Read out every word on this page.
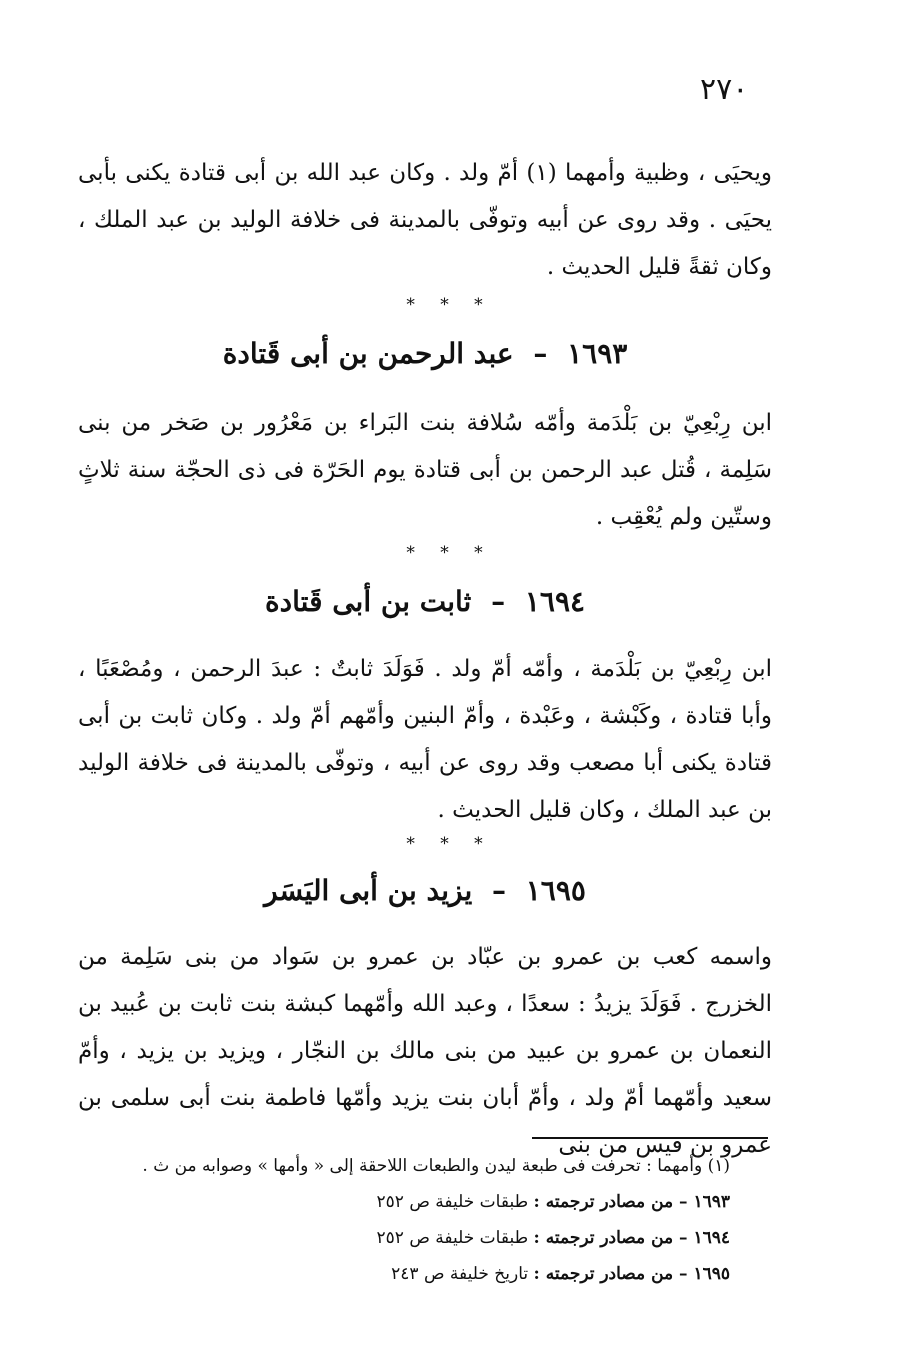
٢٧٠

ويحيَى ، وظبية وأمهما (١) أمّ ولد . وكان عبد الله بن أبى قتادة يكنى بأبى يحيَى . وقد روى عن أبيه وتوفّى بالمدينة فى خلافة الوليد بن عبد الملك ، وكان ثقةً قليل الحديث .

* * *
١٦٩٣ – عبد الرحمن بن أبى قَتادة

ابن رِبْعِيّ بن بَلْدَمة وأمّه سُلافة بنت البَراء بن مَعْرُور بن صَخر من بنى سَلِمة ، قُتل عبد الرحمن بن أبى قتادة يوم الحَرّة فى ذى الحجّة سنة ثلاثٍ وستّين ولم يُعْقِب .

* * *
١٦٩٤ – ثابت بن أبى قَتادة

ابن رِبْعِيّ بن بَلْدَمة ، وأمّه أمّ ولد . فَوَلَدَ ثابتٌ : عبدَ الرحمن ، ومُصْعَبًا ، وأبا قتادة ، وكَبْشة ، وعَبْدة ، وأمّ البنين وأمّهم أمّ ولد . وكان ثابت بن أبى قتادة يكنى أبا مصعب وقد روى عن أبيه ، وتوفّى بالمدينة فى خلافة الوليد بن عبد الملك ، وكان قليل الحديث .

* * *
١٦٩٥ – يزيد بن أبى اليَسَر

واسمه كعب بن عمرو بن عبّاد بن عمرو بن سَواد من بنى سَلِمة من الخزرج . فَوَلَدَ يزيدُ : سعدًا ، وعبد الله وأمّهما كبشة بنت ثابت بن عُبيد بن النعمان بن عمرو بن عبيد من بنى مالك بن النجّار ، ويزيد بن يزيد ، وأمّ سعيد وأمّهما أمّ ولد ، وأمّ أبان بنت يزيد وأمّها فاطمة بنت أبى سلمى بن عمرو بن قيس من بنى

(١) وأمهما : تحرفت فى طبعة ليدن والطبعات اللاحقة إلى « وأمها » وصوابه من ث .

١٦٩٣ – من مصادر ترجمته : طبقات خليفة ص ٢٥٢

١٦٩٤ – من مصادر ترجمته : طبقات خليفة ص ٢٥٢

١٦٩٥ – من مصادر ترجمته : تاريخ خليفة ص ٢٤٣
